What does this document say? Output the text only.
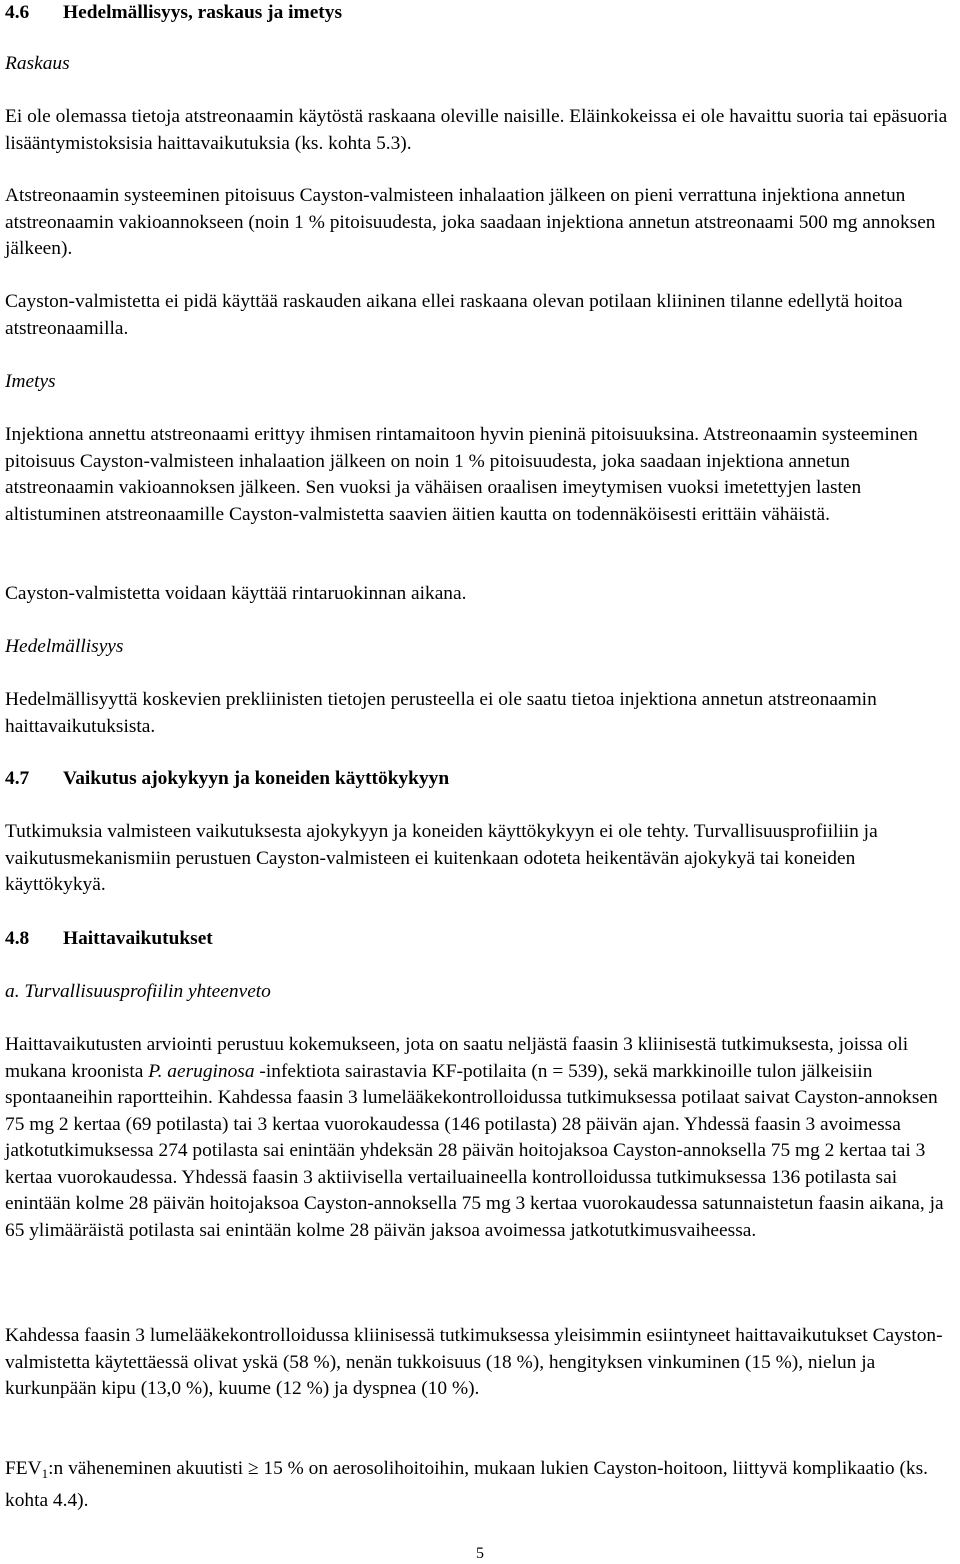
4.6 Hedelmällisyys, raskaus ja imetys
Raskaus

Ei ole olemassa tietoja atstreonaamin käytöstä raskaana oleville naisille. Eläinkokeissa ei ole havaittu suoria tai epäsuoria lisääntymistoksisia haittavaikutuksia (ks. kohta 5.3).

Atstreonaamin systeeminen pitoisuus Cayston-valmisteen inhalaation jälkeen on pieni verrattuna injektiona annetun atstreonaamin vakioannokseen (noin 1 % pitoisuudesta, joka saadaan injektiona annetun atstreonaami 500 mg annoksen jälkeen).

Cayston-valmistetta ei pidä käyttää raskauden aikana ellei raskaana olevan potilaan kliininen tilanne edellytä hoitoa atstreonaamilla.

Imetys

Injektiona annettu atstreonaami erittyy ihmisen rintamaitoon hyvin pieninä pitoisuuksina. Atstreonaamin systeeminen pitoisuus Cayston-valmisteen inhalaation jälkeen on noin 1 % pitoisuudesta, joka saadaan injektiona annetun atstreonaamin vakioannoksen jälkeen. Sen vuoksi ja vähäisen oraalisen imeytymisen vuoksi imetettyjen lasten altistuminen atstreonaamille Cayston-valmistetta saavien äitien kautta on todennäköisesti erittäin vähäistä.

Cayston-valmistetta voidaan käyttää rintaruokinnan aikana.

Hedelmällisyys

Hedelmällisyyttä koskevien prekliinisten tietojen perusteella ei ole saatu tietoa injektiona annetun atstreonaamin haittavaikutuksista.

4.7 Vaikutus ajokykyyn ja koneiden käyttökykyyn

Tutkimuksia valmisteen vaikutuksesta ajokykyyn ja koneiden käyttökykyyn ei ole tehty. Turvallisuusprofiiliin ja vaikutusmekanismiin perustuen Cayston-valmisteen ei kuitenkaan odoteta heikentävän ajokykyä tai koneiden käyttökykyä.

4.8 Haittavaikutukset
a. Turvallisuusprofiilin yhteenveto

Haittavaikutusten arviointi perustuu kokemukseen, jota on saatu neljästä faasin 3 kliinisestä tutkimuksesta, joissa oli mukana kroonista P. aeruginosa -infektiota sairastavia KF-potilaita (n = 539), sekä markkinoille tulon jälkeisiin spontaaneihin raportteihin. Kahdessa faasin 3 lumelääkekontrolloidussa tutkimuksessa potilaat saivat Cayston-annoksen 75 mg 2 kertaa (69 potilasta) tai 3 kertaa vuorokaudessa (146 potilasta) 28 päivän ajan. Yhdessä faasin 3 avoimessa jatkotutkimuksessa 274 potilasta sai enintään yhdeksän 28 päivän hoitojaksoa Cayston-annoksella 75 mg 2 kertaa tai 3 kertaa vuorokaudessa. Yhdessä faasin 3 aktiivisella vertailuaineella kontrolloidussa tutkimuksessa 136 potilasta sai enintään kolme 28 päivän hoitojaksoa Cayston-annoksella 75 mg 3 kertaa vuorokaudessa satunnaistetun faasin aikana, ja 65 ylimääräistä potilasta sai enintään kolme 28 päivän jaksoa avoimessa jatkotutkimusvaiheessa.

Kahdessa faasin 3 lumelääkekontrolloidussa kliinisessä tutkimuksessa yleisimmin esiintyneet haittavaikutukset Cayston-valmistetta käytettäessä olivat yskä (58 %), nenän tukkoisuus (18 %), hengityksen vinkuminen (15 %), nielun ja kurkunpään kipu (13,0 %), kuume (12 %) ja dyspnea (10 %).

$FEV_1:n$ väheneminen akuutisti ≥ 15 % on aerosolihoitoihin, mukaan lukien Cayston-hoitoon, liittyvä komplikaatio (ks. kohta 4.4).

5
